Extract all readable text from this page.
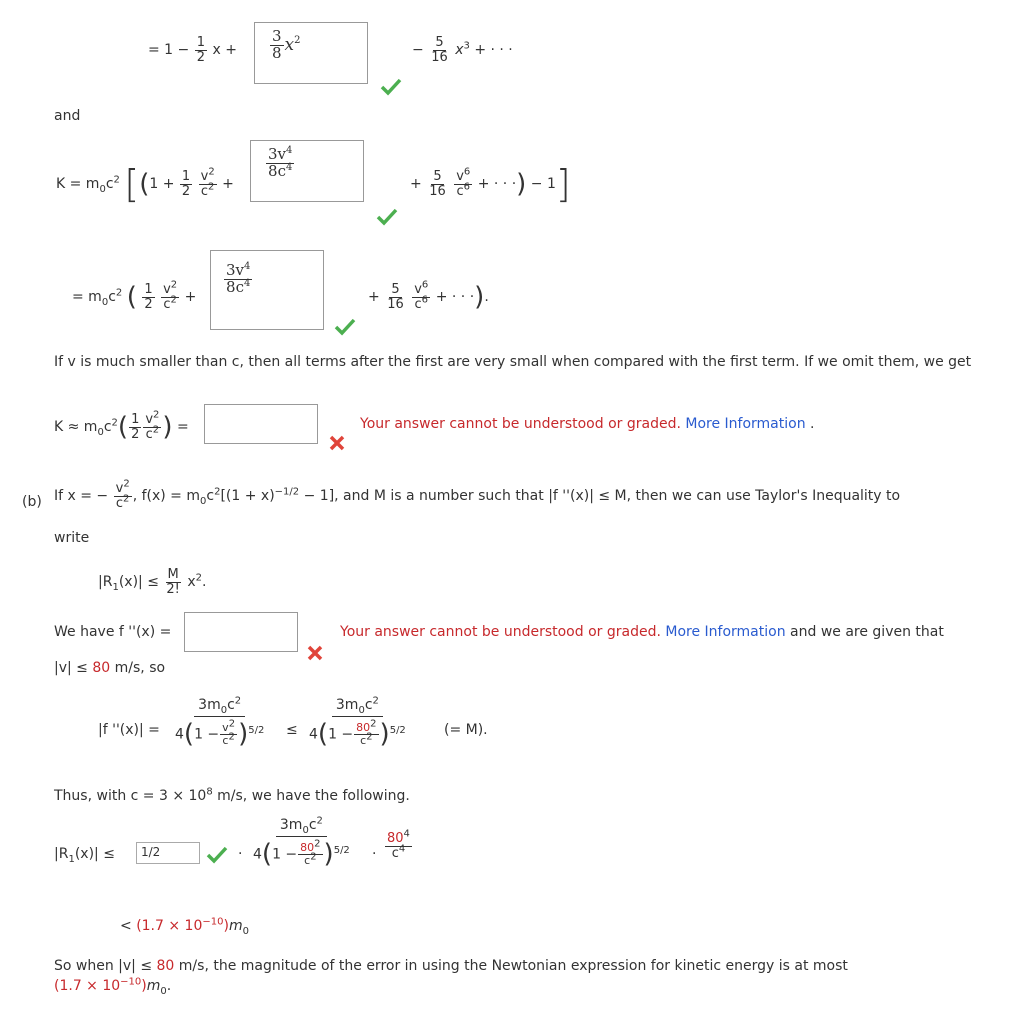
= $1 - \frac{1}{2}$ $x + \frac{3}{8} x^2$
− $\frac{5}{16} x^3$ + · · ·
and
$K = m_0c^2$ [($1 + \frac{1}{2}$
$\frac{v^2}{c^2}$ +
$\frac{3v^4}{8c^4}$
+ $\frac{5}{16}$
$\frac{v^6}{c^6}$ + · · ·) − 1]
= $m_0c^2$ ( $\frac{1}{2}$
$\frac{v^2}{c^2}$ +
$\frac{3v^4}{8c^4}$
+ $\frac{5}{16}$
$\frac{v^6}{c^6}$ + · · ·).
If v is much smaller than c, then all terms after the first are very small when compared with the first term. If we omit them, we get
$K \approx m_0c^2( \frac{1}{2} \frac{v^2}{c^2}$ ) =	Your answer cannot be understood or graded. More Information .
(b) If x = − $\frac{v^2}{c^2}$ , $f(x) = m_0c^2[(1 + x)^{-1/2} - 1]$, and M is a number such that |f ''(x)| ≤ M, then we can use Taylor's Inequality to
write
$|R_1(x)| \le \frac{M}{2!} x^2$.
We have f ''(x) =	Your answer cannot be understood or graded. More Information and we are given that
|v| ≤ 80 m/s, so
|f ''$(x)| = \frac{3m_0c^2}{4(1 - \frac{v^2}{c^2} )^{5/2}} \le \frac{3m_0c^2}{4(1 - \frac{80^2}{c^2} )^{5/2}}$	(= M).
Thus, with $c = 3 \times 10^8$ m/s, we have the following.
$|R_1(x)|$ ≤	1/2	· $\frac{3m_0c^2}{4(1 - \frac{80^2}{c^2} )^{5/2}} \cdot \frac{80^4}{c^4}$
< $(1.7 \times 10^{-10})m_0$
So when |v| ≤ 80 m/s, the magnitude of the error in using the Newtonian expression for kinetic energy is at most
$(1.7 \times 10^{-10})m_0$.
